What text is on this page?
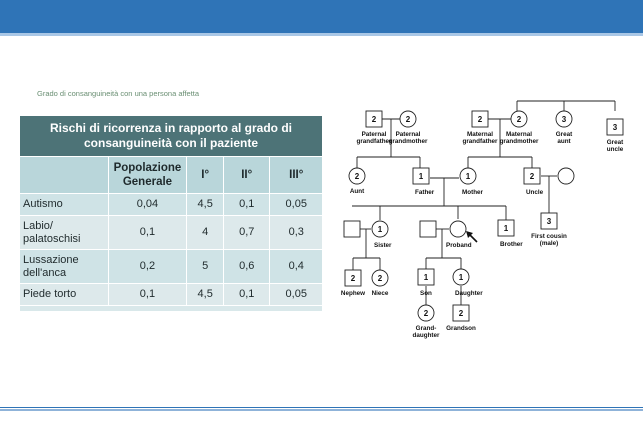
Grado di consanguineità con una persona affetta
Rischi di ricorrenza in rapporto al grado di
consanguineità con il paziente				
	Popolazione
Generale	I°	II°	III°
Autismo	0,04	4,5	0,1	0,05
Labio/
palatoschisi	0,1	4	0,7	0,3
Lussazione
dell'anca	0,2	5	0,6	0,4
Piede torto	0,1	4,5	0,1	0,05
2
Paternal
grandfather
2
Paternal
grandmother
2
Maternal
grandfather
2
Maternal
grandmother
3
Great
aunt
3
Great
uncle
2
Aunt
1
Father
1
Mother
2
Uncle
1
Sister	Proband
1
Brother
3
First cousin
(male)
2
Nephew
2
Niece
1
Son
1
Daughter
2
Grand-
daughter
2
Grandson
